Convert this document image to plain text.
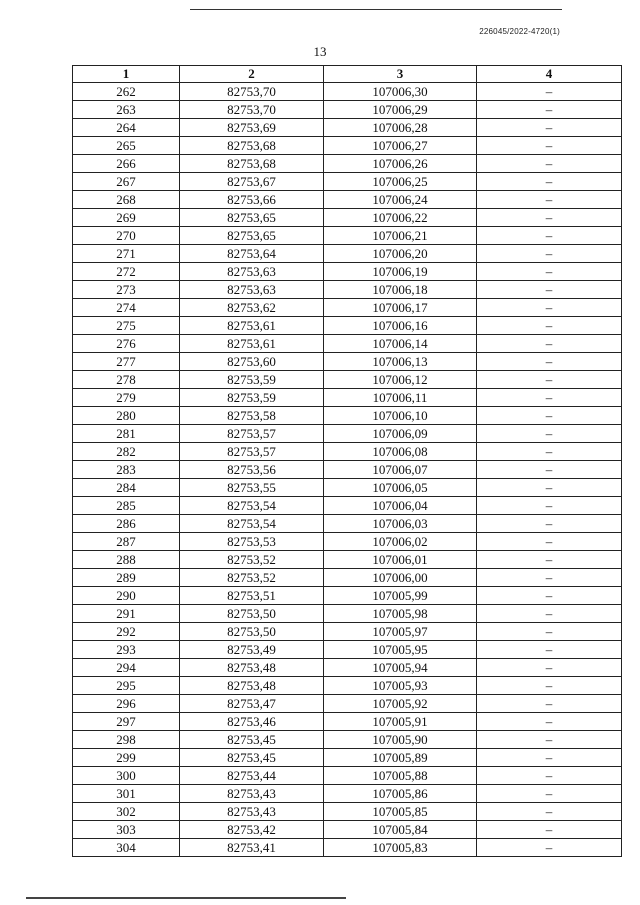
226045/2022-4720(1)
13
1	2	3	4
262	82753,70	107006,30	–
263	82753,70	107006,29	–
264	82753,69	107006,28	–
265	82753,68	107006,27	–
266	82753,68	107006,26	–
267	82753,67	107006,25	–
268	82753,66	107006,24	–
269	82753,65	107006,22	–
270	82753,65	107006,21	–
271	82753,64	107006,20	–
272	82753,63	107006,19	–
273	82753,63	107006,18	–
274	82753,62	107006,17	–
275	82753,61	107006,16	–
276	82753,61	107006,14	–
277	82753,60	107006,13	–
278	82753,59	107006,12	–
279	82753,59	107006,11	–
280	82753,58	107006,10	–
281	82753,57	107006,09	–
282	82753,57	107006,08	–
283	82753,56	107006,07	–
284	82753,55	107006,05	–
285	82753,54	107006,04	–
286	82753,54	107006,03	–
287	82753,53	107006,02	–
288	82753,52	107006,01	–
289	82753,52	107006,00	–
290	82753,51	107005,99	–
291	82753,50	107005,98	–
292	82753,50	107005,97	–
293	82753,49	107005,95	–
294	82753,48	107005,94	–
295	82753,48	107005,93	–
296	82753,47	107005,92	–
297	82753,46	107005,91	–
298	82753,45	107005,90	–
299	82753,45	107005,89	–
300	82753,44	107005,88	–
301	82753,43	107005,86	–
302	82753,43	107005,85	–
303	82753,42	107005,84	–
304	82753,41	107005,83	–
